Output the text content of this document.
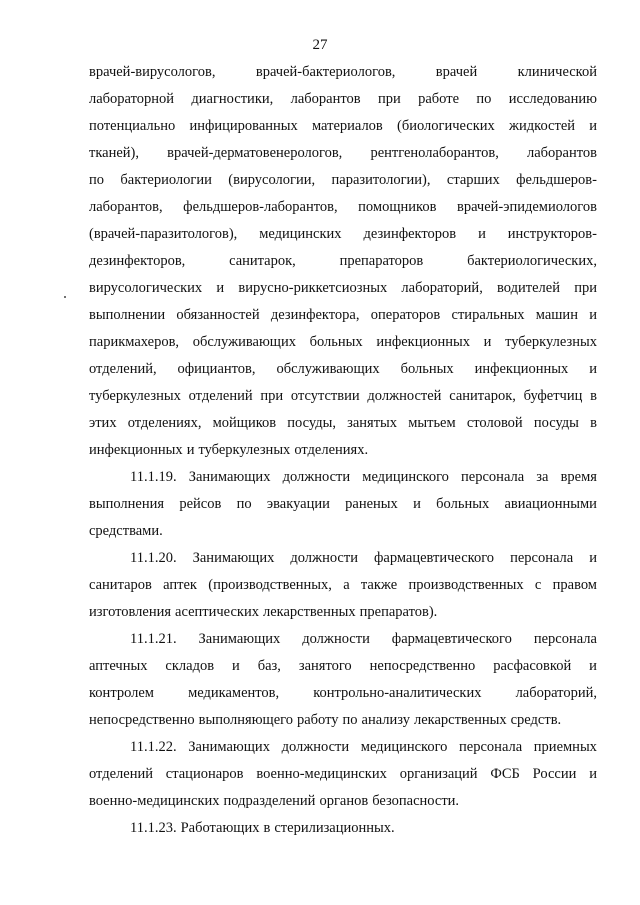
27
врачей-вирусологов,	врачей-бактериологов,	врачей	клинической
лабораторной диагностики, лаборантов при работе по исследованию
потенциально инфицированных материалов (биологических жидкостей и
тканей), врачей-дерматовенерологов, рентгенолаборантов, лаборантов
по бактериологии (вирусологии, паразитологии), старших фельдшеров-
лаборантов, фельдшеров-лаборантов, помощников врачей-эпидемиологов
(врачей-паразитологов), медицинских дезинфекторов и инструкторов-
дезинфекторов,	санитарок,	препараторов	бактериологических,
вирусологических и вирусно-риккетсиозных лабораторий, водителей при
выполнении обязанностей дезинфектора, операторов стиральных машин и
парикмахеров, обслуживающих больных инфекционных и туберкулезных
отделений, официантов, обслуживающих больных инфекционных и
туберкулезных отделений при отсутствии должностей санитарок, буфетчиц в
этих отделениях, мойщиков посуды, занятых мытьем столовой посуды в
инфекционных и туберкулезных отделениях.
11.1.19. Занимающих должности медицинского персонала за время
выполнения рейсов по эвакуации раненых и больных авиационными
средствами.
11.1.20. Занимающих должности фармацевтического персонала и
санитаров аптек (производственных, а также производственных с правом
изготовления асептических лекарственных препаратов).
11.1.21. Занимающих должности фармацевтического персонала
аптечных складов и баз, занятого непосредственно расфасовкой и
контролем медикаментов, контрольно-аналитических лабораторий,
непосредственно выполняющего работу по анализу лекарственных средств.
11.1.22. Занимающих должности медицинского персонала приемных
отделений стационаров военно-медицинских организаций ФСБ России и
военно-медицинских подразделений органов безопасности.
11.1.23. Работающих в стерилизационных.
